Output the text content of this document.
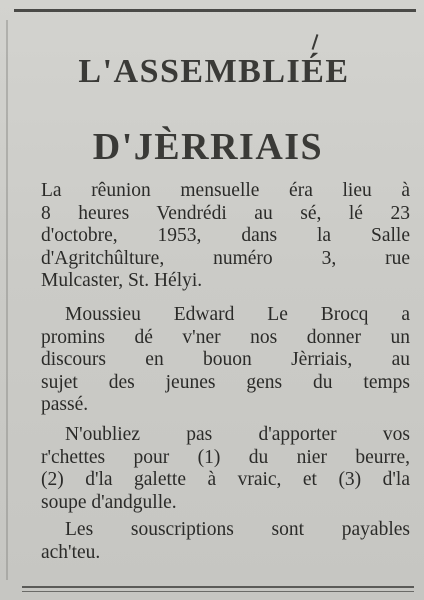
L'ASSEMBLIÉE
D'JÈRRIAIS
La rêunion mensuelle éra lieu à
8 heures Vendrédi au sé, lé 23
d'octobre, 1953, dans la Salle
d'Agritchûlture, numéro 3, rue
Mulcaster, St. Hélyi.
Moussieu Edward Le Brocq a
promins dé v'ner nos donner un
discours en bouon Jèrriais, au
sujet des jeunes gens du temps
passé.
N'oubliez pas d'apporter vos
r'chettes pour (1) du nier beurre,
(2) d'la galette à vraic, et (3) d'la
soupe d'andgulle.
Les souscriptions sont payables
ach'teu.
